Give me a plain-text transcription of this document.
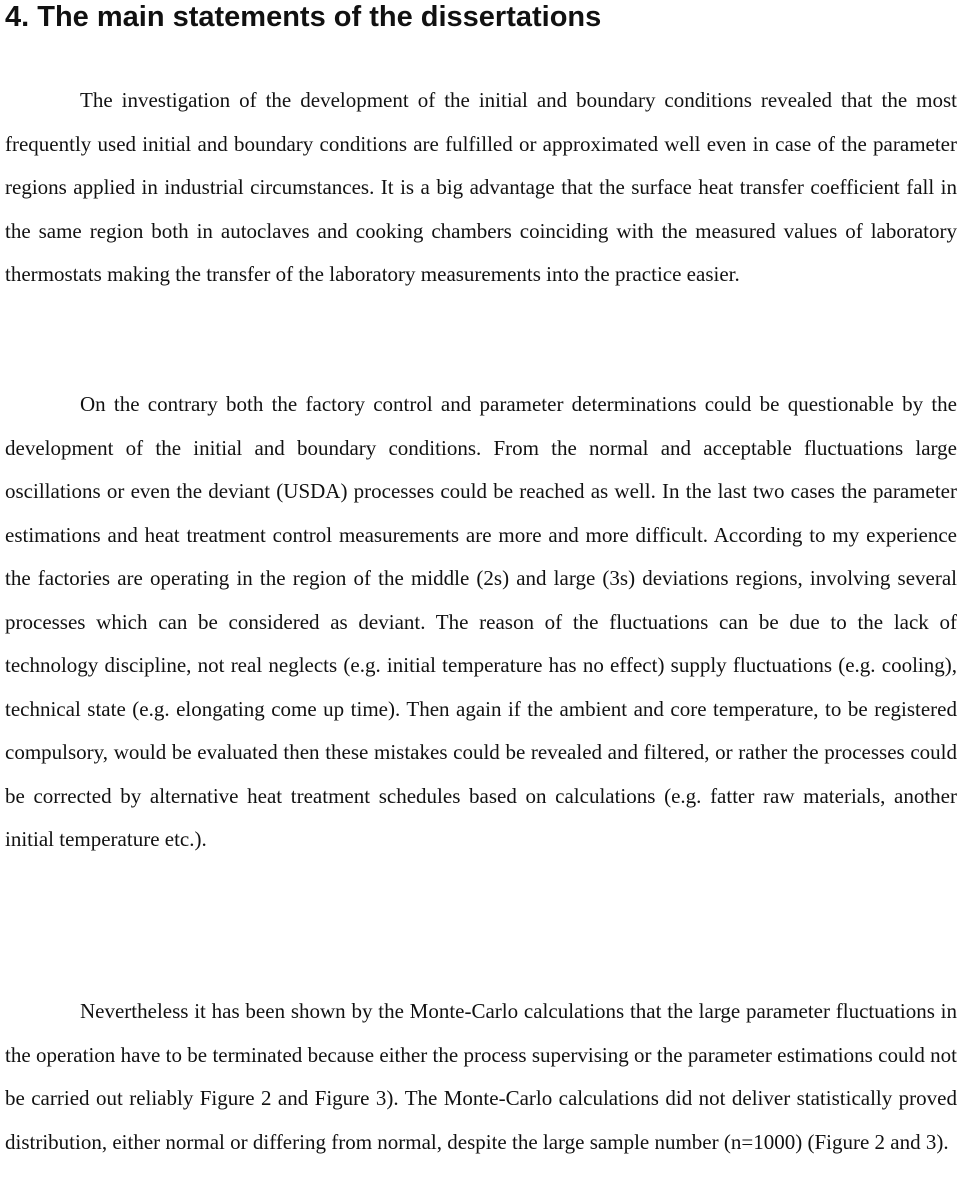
4. The main statements of the dissertations

The investigation of the development of the initial and boundary conditions revealed that the most frequently used initial and boundary conditions are fulfilled or approximated well even in case of the parameter regions applied in industrial circumstances. It is a big advantage that the surface heat transfer coefficient fall in the same region both in autoclaves and cooking chambers coinciding with the measured values of laboratory thermostats making the transfer of the laboratory measurements into the practice easier.

On the contrary both the factory control and parameter determinations could be questionable by the development of the initial and boundary conditions. From the normal and acceptable fluctuations large oscillations or even the deviant (USDA) processes could be reached as well. In the last two cases the parameter estimations and heat treatment control measurements are more and more difficult. According to my experience the factories are operating in the region of the middle (2s) and large (3s) deviations regions, involving several processes which can be considered as deviant. The reason of the fluctuations can be due to the lack of technology discipline, not real neglects (e.g. initial temperature has no effect) supply fluctuations (e.g. cooling), technical state (e.g. elongating come up time). Then again if the ambient and core temperature, to be registered compulsory, would be evaluated then these mistakes could be revealed and filtered, or rather the processes could be corrected by alternative heat treatment schedules based on calculations (e.g. fatter raw materials, another initial temperature etc.).

Nevertheless it has been shown by the Monte-Carlo calculations that the large parameter fluctuations in the operation have to be terminated because either the process supervising or the parameter estimations could not be carried out reliably Figure 2 and Figure 3). The Monte-Carlo calculations did not deliver statistically proved distribution, either normal or differing from normal, despite the large sample number (n=1000) (Figure 2 and 3).
